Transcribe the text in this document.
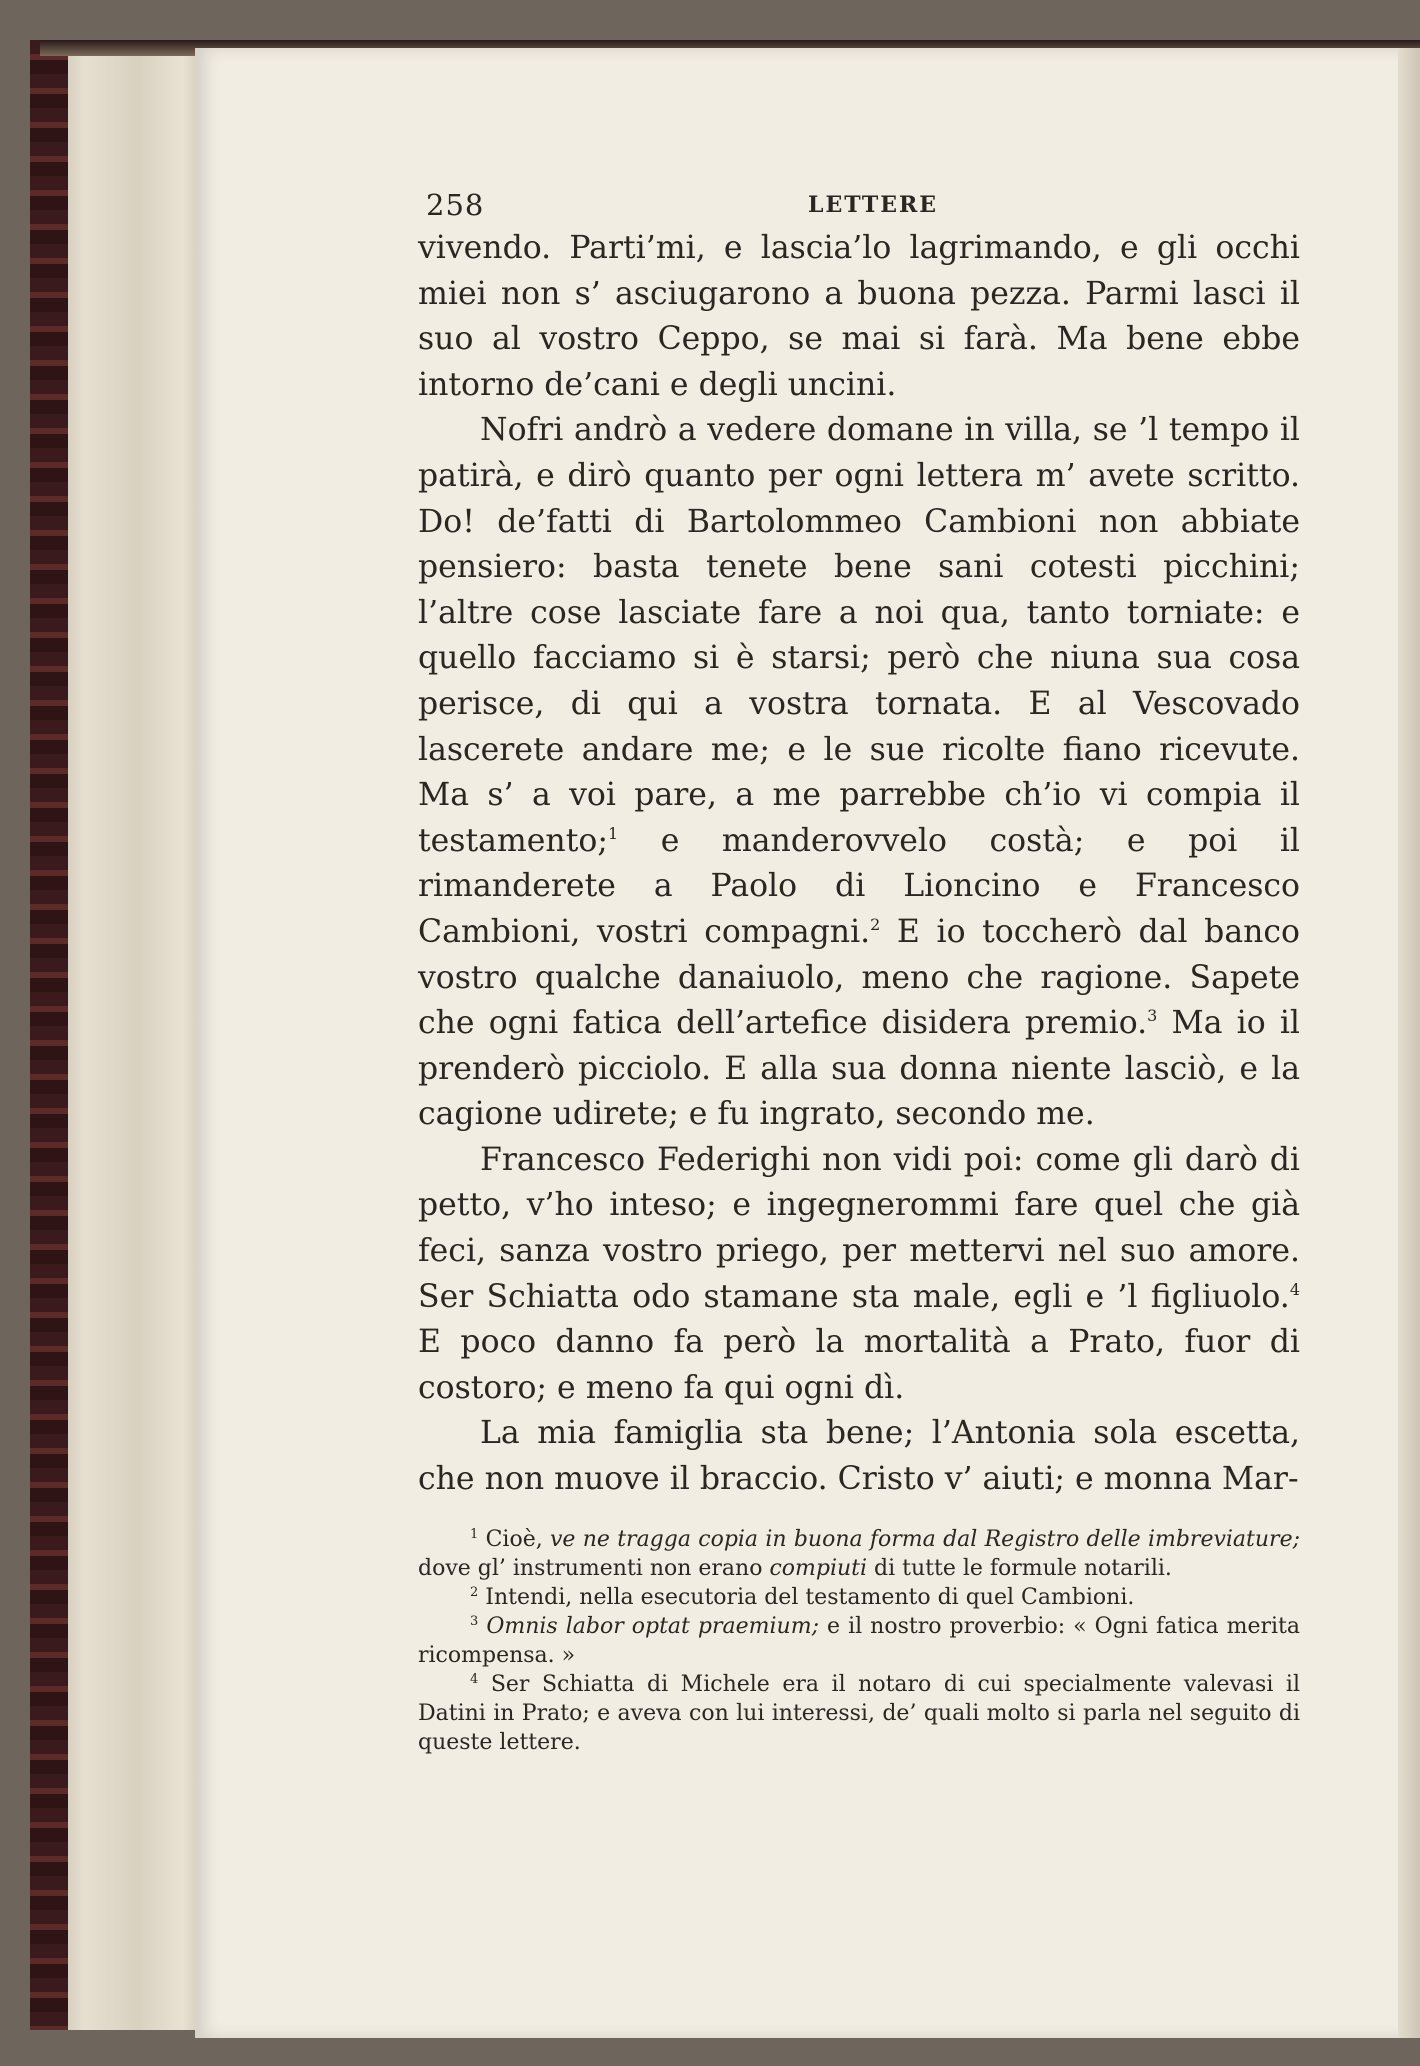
258	LETTERE

vivendo. Parti’mi, e lascia’lo lagrimando, e gli occhi miei non s’ asciugarono a buona pezza. Parmi lasci il suo al vostro Ceppo, se mai si farà. Ma bene ebbe intorno de’cani e degli uncini.

Nofri andrò a vedere domane in villa, se ’l tempo il patirà, e dirò quanto per ogni lettera m’ avete scritto. Do! de’fatti di Bartolommeo Cambioni non abbiate pensiero: basta tenete bene sani cotesti picchini; l’altre cose lasciate fare a noi qua, tanto torniate: e quello facciamo si è starsi; però che niuna sua cosa perisce, di qui a vostra tornata. E al Vescovado lascerete andare me; e le sue ricolte fiano ricevute. Ma s’ a voi pare, a me parrebbe ch’io vi compia il testamento;$^1$ e manderovvelo costà; e poi il rimanderete a Paolo di Lioncino e Francesco Cambioni, vostri compagni.$^2$ E io toccherò dal banco vostro qualche danaiuolo, meno che ragione. Sapete che ogni fatica dell’artefice disidera premio.$^3$ Ma io il prenderò picciolo. E alla sua donna niente lasciò, e la cagione udirete; e fu ingrato, secondo me.

Francesco Federighi non vidi poi: come gli darò di petto, v’ho inteso; e ingegnerommi fare quel che già feci, sanza vostro priego, per mettervi nel suo amore. Ser Schiatta odo stamane sta male, egli e ’l figliuolo.$^4$ E poco danno fa però la mortalità a Prato, fuor di costoro; e meno fa qui ogni dì.

La mia famiglia sta bene; l’Antonia sola escetta, che non muove il braccio. Cristo v’ aiuti; e monna Mar-

$^1$ Cioè, ve ne tragga copia in buona forma dal Registro delle imbreviature; dove gl’ instrumenti non erano compiuti di tutte le formule notarili.

$^2$ Intendi, nella esecutoria del testamento di quel Cambioni.

$^3$ Omnis labor optat praemium; e il nostro proverbio: « Ogni fatica merita ricompensa. »

$^4$ Ser Schiatta di Michele era il notaro di cui specialmente valevasi il Datini in Prato; e aveva con lui interessi, de’ quali molto si parla nel seguito di queste lettere.
